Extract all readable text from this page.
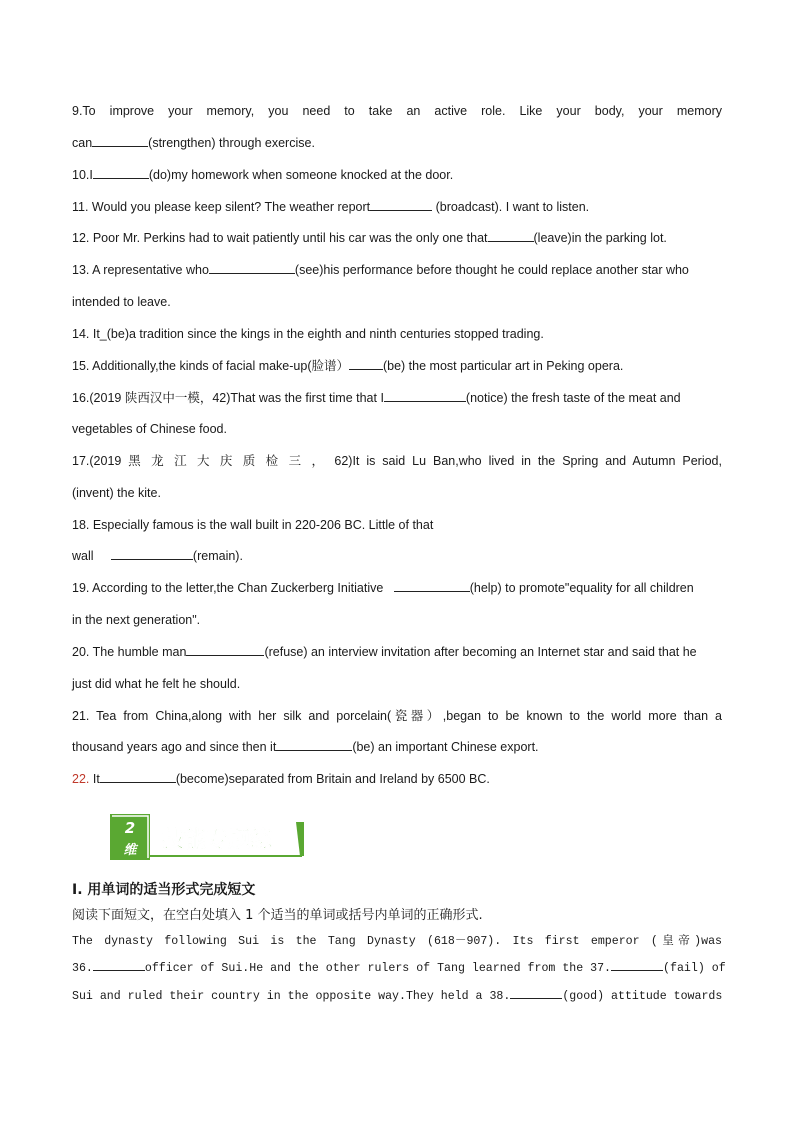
9.To improve your memory, you need to take an active role. Like your body, your memory
can	(strengthen) through exercise.
10.I	(do)my homework when someone knocked at the door.
11. Would you please keep silent? The weather report	(broadcast). I want to listen.
12. Poor Mr. Perkins had to wait patiently until his car was the only one that	(leave)in the parking lot.
13. A representative who	(see)his performance before thought he could replace another star who
intended to leave.
14. It_(be)a tradition since the kings in the eighth and ninth centuries stopped trading.
15. Additionally,the kinds of facial make-up(脸谱）	(be) the most particular art in Peking opera.
16.(2019 陕西汉中一模，42)That was the first time that I	(notice) the fresh taste of the meat and
vegetables of Chinese food.
17.(2019 黑 龙 江 大 庆 质 检 三 ， 62)It is said Lu Ban,who lived in the Spring and Autumn Period,
(invent) the kite.
18. Especially famous is the wall built in 220-206 BC. Little of that
wall	(remain).
19. According to the letter,the Chan Zuckerberg Initiative	(help) to promote"equality for all children
in the next generation".
20. The humble man	(refuse) an interview invitation after becoming an Internet star and said that he
just did what he felt he should.
21. Tea from China,along with her silk and porcelain(瓷器）,began to be known to the world more than a
thousand years ago and since then it	(be) an important Chinese export.
22. It	(become)separated from Britain and Ireland by 6500 BC.
2
维 技能专题练
I. 用单词的适当形式完成短文
阅读下面短文，在空白处填入 1 个适当的单词或括号内单词的正确形式.
The dynasty following Sui is the Tang Dynasty (618－907). Its first emperor (皇帝)was
36.	officer of Sui.He and the other rulers of Tang learned from the 37.	(fail) of
Sui and ruled their country in the opposite way.They held a 38.	(good) attitude towards
